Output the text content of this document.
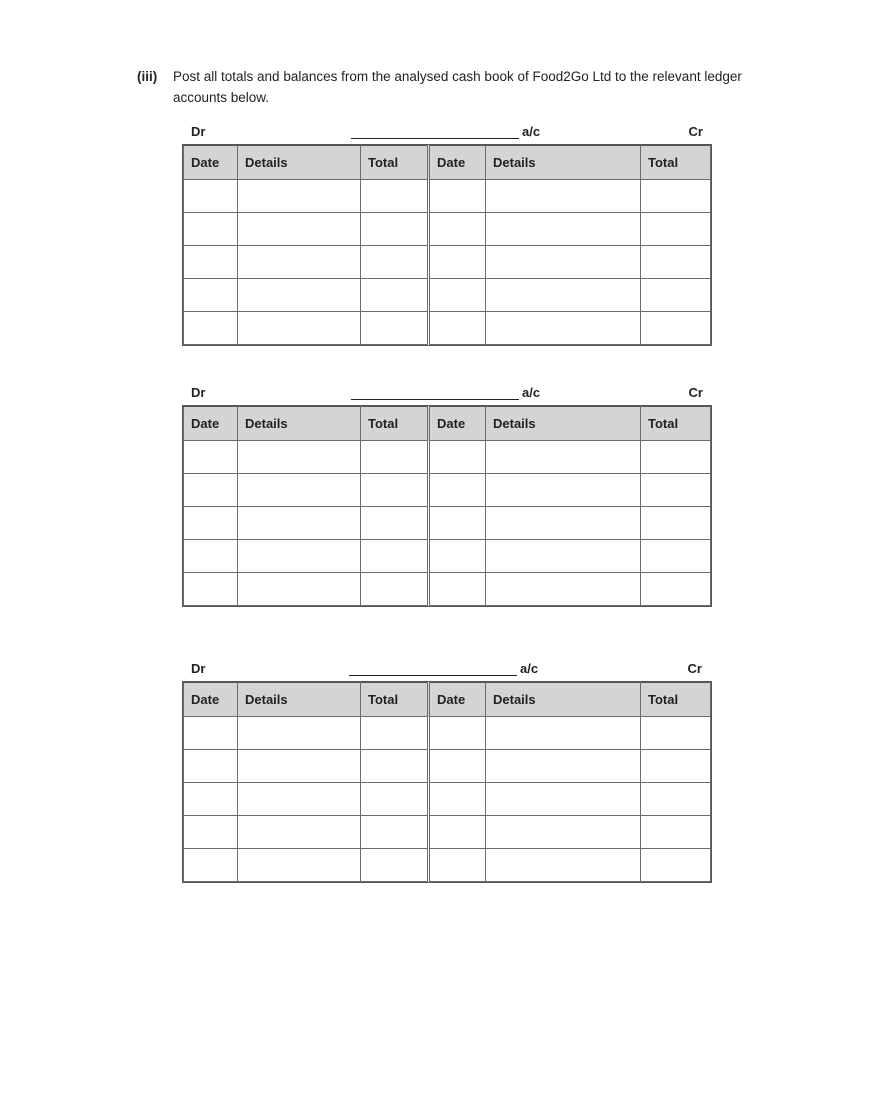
(iii) Post all totals and balances from the analysed cash book of Food2Go Ltd to the relevant ledger accounts below.
Dr	a/c	Cr
Date	Details	Total	Date	Details	Total

Dr	a/c	Cr
Date	Details	Total	Date	Details	Total

Dr	a/c	Cr
Date	Details	Total	Date	Details	Total
